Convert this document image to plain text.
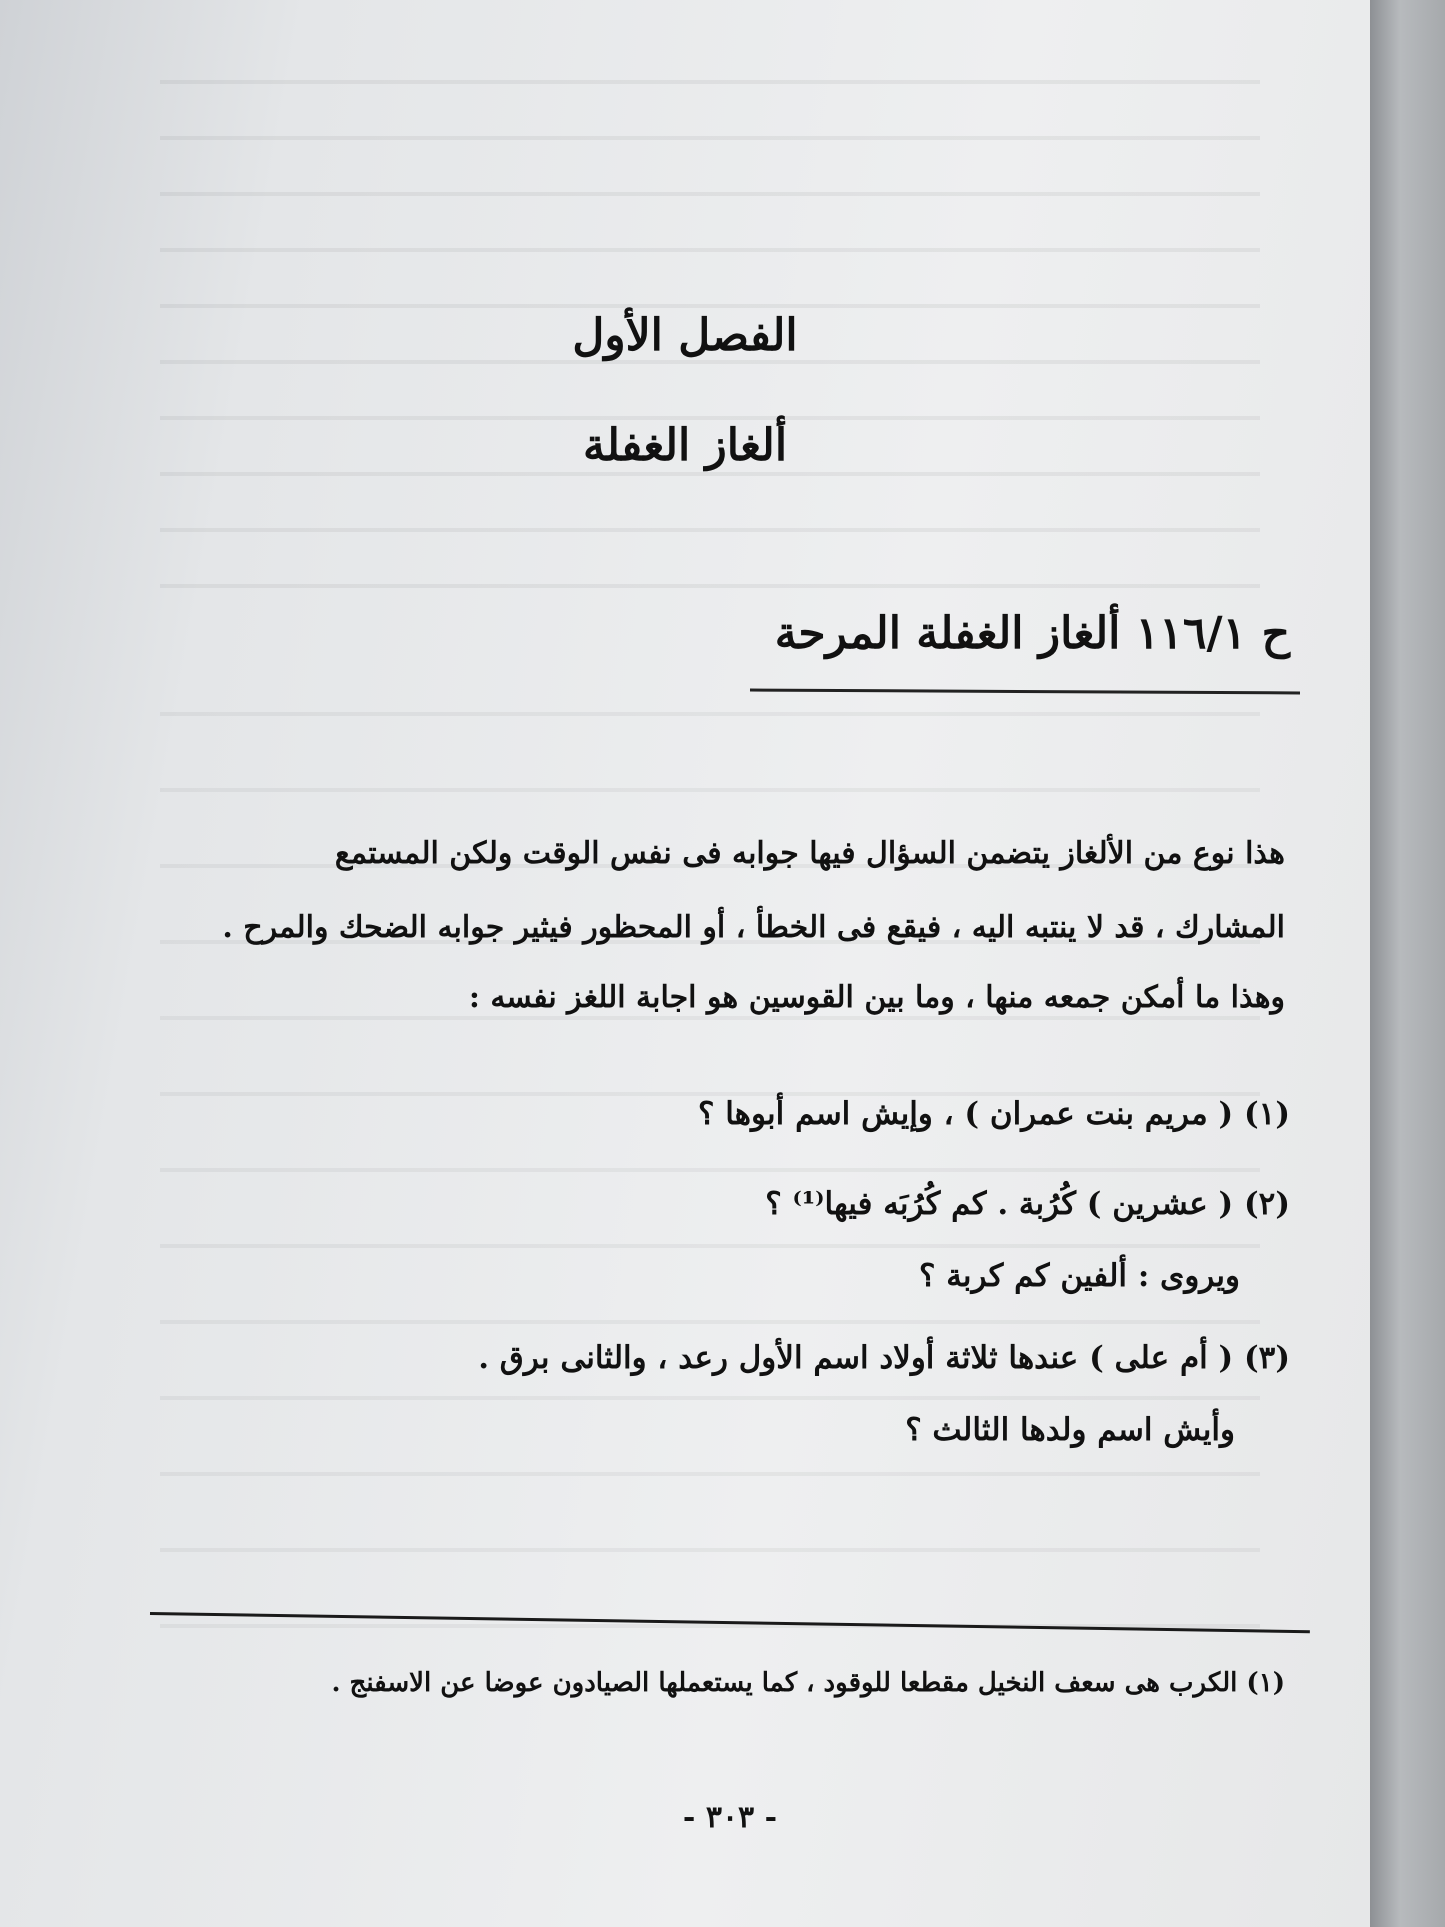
الفصل الأول
ألغاز الغفلة
ح ١١٦/١ ألغاز الغفلة المرحة
هذا نوع من الألغاز يتضمن السؤال فيها جوابه فى نفس الوقت ولكن المستمع
المشارك ، قد لا ينتبه اليه ، فيقع فى الخطأ ، أو المحظور فيثير جوابه الضحك والمرح .
وهذا ما أمكن جمعه منها ، وما بين القوسين هو اجابة اللغز نفسه :
(١) ( مريم بنت عمران ) ، وإيش اسم أبوها ؟
(٢) ( عشرين ) كُرُبة . كم كُرُبَه فيها⁽¹⁾ ؟
ويروى : ألفين كم كربة ؟
(٣) ( أم على ) عندها ثلاثة أولاد اسم الأول رعد ، والثانى برق .
وأيش اسم ولدها الثالث ؟
(١) الكرب هى سعف النخيل مقطعا للوقود ، كما يستعملها الصيادون عوضا عن الاسفنج .
- ٣٠٣ -
